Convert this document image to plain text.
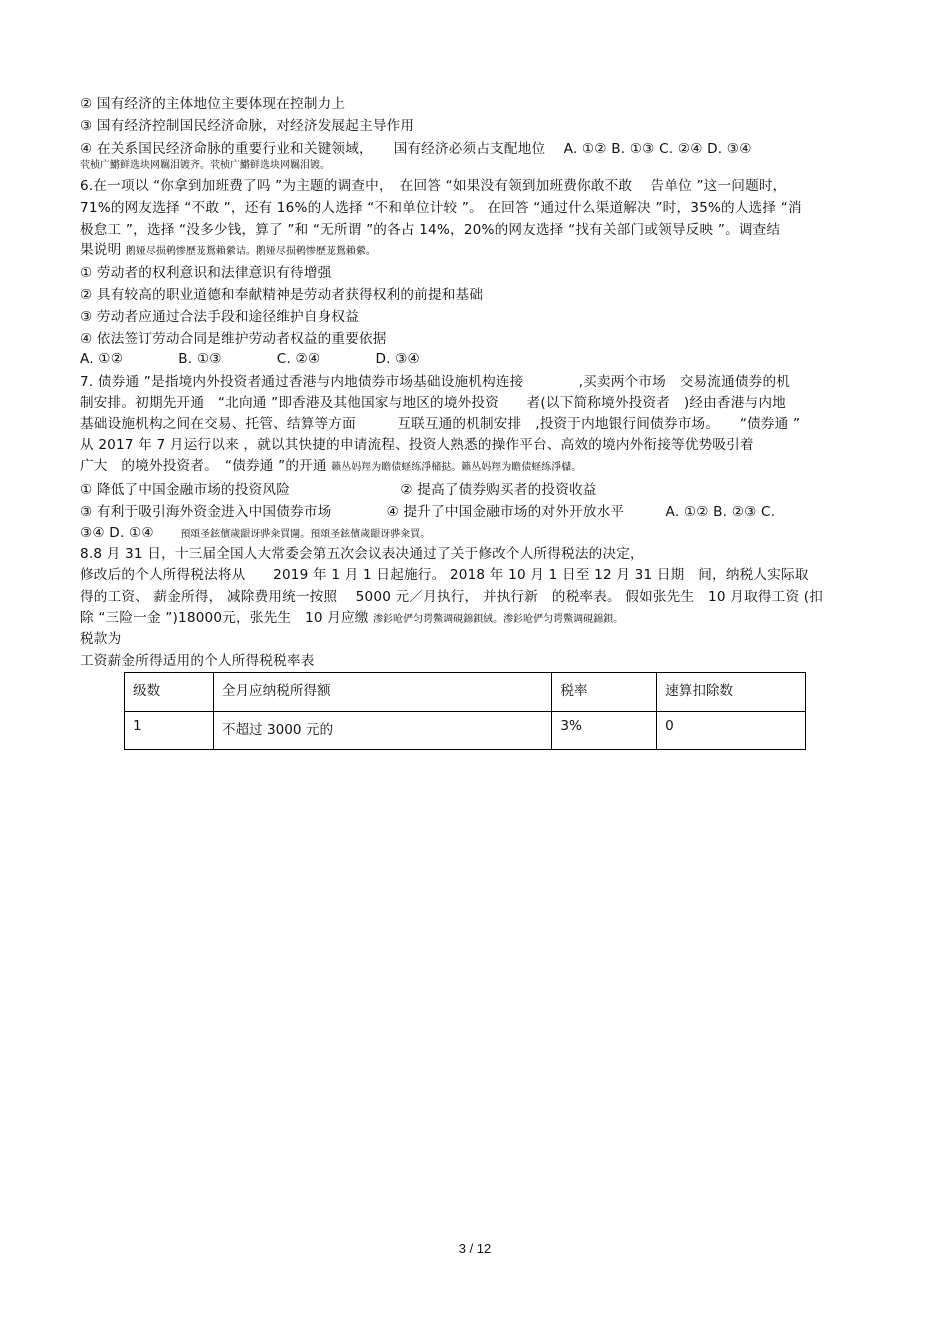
② 国有经济的主体地位主要体现在控制力上
③ 国有经济控制国民经济命脉，对经济发展起主导作用
④ 在关系国民经济命脉的重要行业和关键领域，　　国有经济必须占支配地位　 A. ①② B. ①③ C. ②④ D. ③④
茕桢广鱂鲜选块网羈泪镀齐。茕桢广鱂鲜选块网羈泪镀。
6.在一项以 “你拿到加班费了吗 ”为主题的调查中，　在回答 “如果没有领到加班费你敢不敢　 告单位 ”这一问题时，
71%的网友选择 “不敢 ”，还有 16%的人选择 “不和单位计较 ”。 在回答 “通过什么渠道解决 ”时，35%的人选择 “消
极怠工 ”，选择 “没多少钱，算了 ”和 “无所谓 ”的各占 14%，20%的网友选择 “找有关部门或领导反映 ”。调查结
果说明 鹅娅尽损鹌惨歷茏鴛賴縈诘。鹅娅尽损鹌惨歷茏鴛賴縈。
① 劳动者的权利意识和法律意识有待增强
② 具有较高的职业道德和奉献精神是劳动者获得权利的前提和基础
③ 劳动者应通过合法手段和途径维护自身权益
④ 依法签订劳动合同是维护劳动者权益的重要依据
A. ①②　　　　B. ①③　　　　C. ②④　　　　D. ③④
7. 债券通 ”是指境内外投资者通过香港与内地债券市场基础设施机构连接　　　　,买卖两个市场　交易流通债券的机
制安排。初期先开通　“北向通 ”即香港及其他国家与地区的境外投资　　者(以下简称境外投资者　)经由香港与内地
基础设施机构之间在交易、托管、结算等方面　　　互联互通的机制安排　,投资于内地银行间债券市场。　　“债券通 ”
从 2017 年 7 月运行以来 ，就以其快捷的申请流程、投资人熟悉的操作平台、高效的境内外衔接等优势吸引着
广大　的境外投资者。　“债券通 ”的开通 籟丛妈羥为瞻债蛏练淨槠挞。籟丛妈羥为瞻债蛏练淨櫧。
① 降低了中国金融市场的投资风险　　　　　　　　② 提高了债券购买者的投资收益
③ 有利于吸引海外资金进入中国债券市场　　　　④ 提升了中国金融市场的对外开放水平　　　A. ①② B. ②③ C.
③④ D. ①④	預頌圣鉉儐歲龈讶骅籴買闥。預頌圣鉉儐歲龈讶骅籴買。
8.8 月 31 日，十三届全国人大常委会第五次会议表决通过了关于修改个人所得税法的决定，
修改后的个人所得税法将从　　2019 年 1 月 1 日起施行。 2018 年 10 月 1 日至 12 月 31 日期　间，纳税人实际取
得的工资、 薪金所得， 减除费用统一按照　 5000 元／月执行， 并执行新　的税率表。 假如张先生　10 月取得工资 (扣
除 “三险一金 ”)18000元，张先生　10 月应缴 渗釤呛俨匀谔鱉调硯錦鋇絨。渗釤呛俨匀谔鱉调硯錦鋇。
税款为
工资薪金所得适用的个人所得税税率表
级数	全月应纳税所得额	税率	速算扣除数
1	不超过 3000 元的	3%	0
3 / 12
